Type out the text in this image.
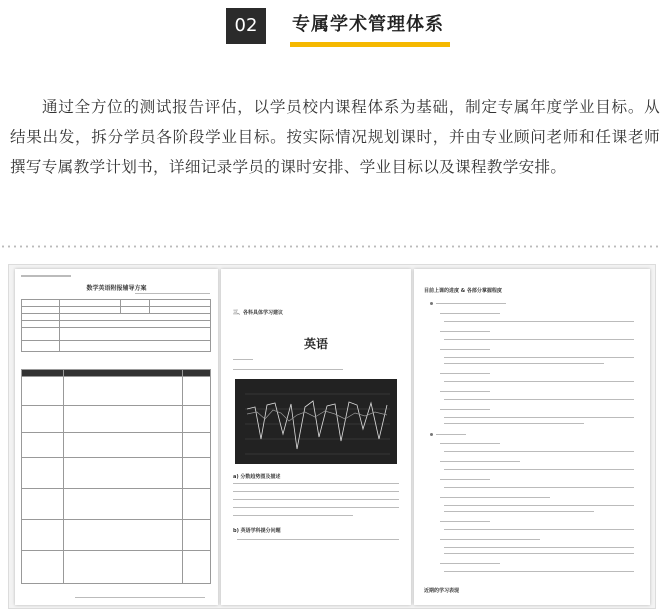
02	专属学术管理体系
通过全方位的测试报告评估，以学员校内课程体系为基础，制定专属年度学业目标。从结果出发，拆分学员各阶段学业目标。按实际情况规划课时，并由专业顾问老师和任课老师撰写专属教学计划书，详细记录学员的课时安排、学业目标以及课程教学安排。
数学英语附报辅导方案

三、各科具体学习建议
英语
a) 分数趋势图及描述
b) 英语学科提分问题
目前上课的进度 & 各部分掌握程度
近期的学习表现
